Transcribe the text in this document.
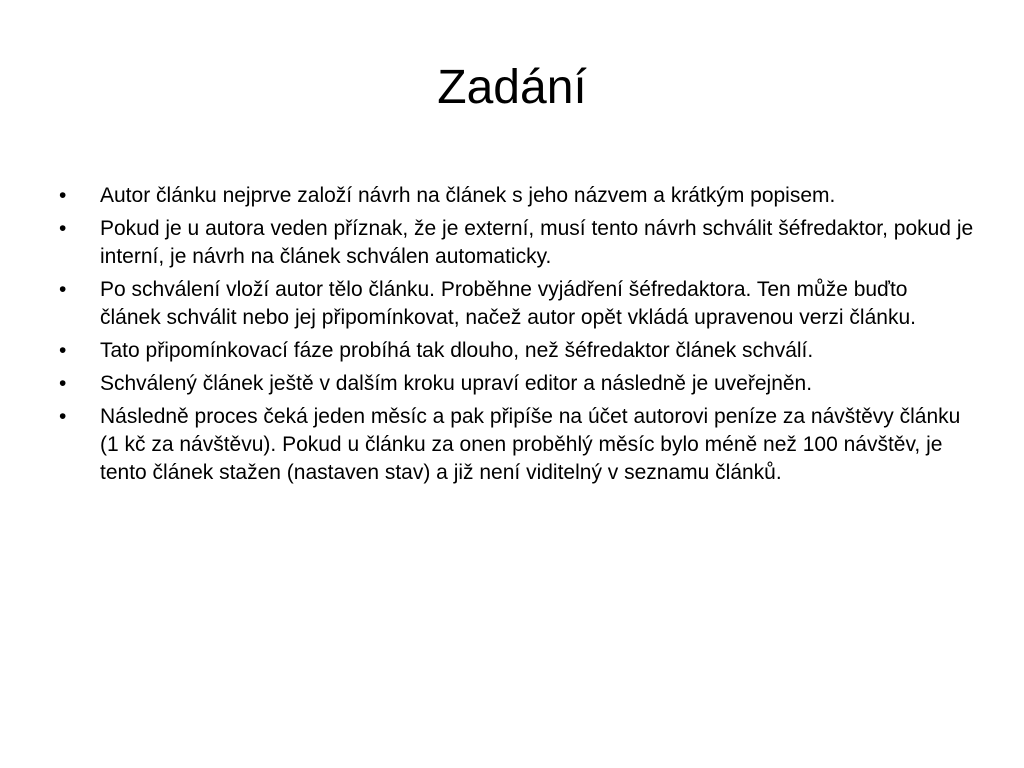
Zadání
•	Autor článku nejprve založí návrh na článek s jeho názvem a krátkým popisem.
•	Pokud je u autora veden příznak, že je externí, musí tento návrh schválit šéfredaktor, pokud je interní, je návrh na článek schválen automaticky.
•	Po schválení vloží autor tělo článku. Proběhne vyjádření šéfredaktora. Ten může buďto článek schválit nebo jej připomínkovat, načež autor opět vkládá upravenou verzi článku.
•	Tato připomínkovací fáze probíhá tak dlouho, než šéfredaktor článek schválí.
•	Schválený článek ještě v dalším kroku upraví editor a následně je uveřejněn.
•	Následně proces čeká jeden měsíc a pak připíše na účet autorovi peníze za návštěvy článku (1 kč za návštěvu). Pokud u článku za onen proběhlý měsíc bylo méně než 100 návštěv, je tento článek stažen (nastaven stav) a již není viditelný v seznamu článků.
